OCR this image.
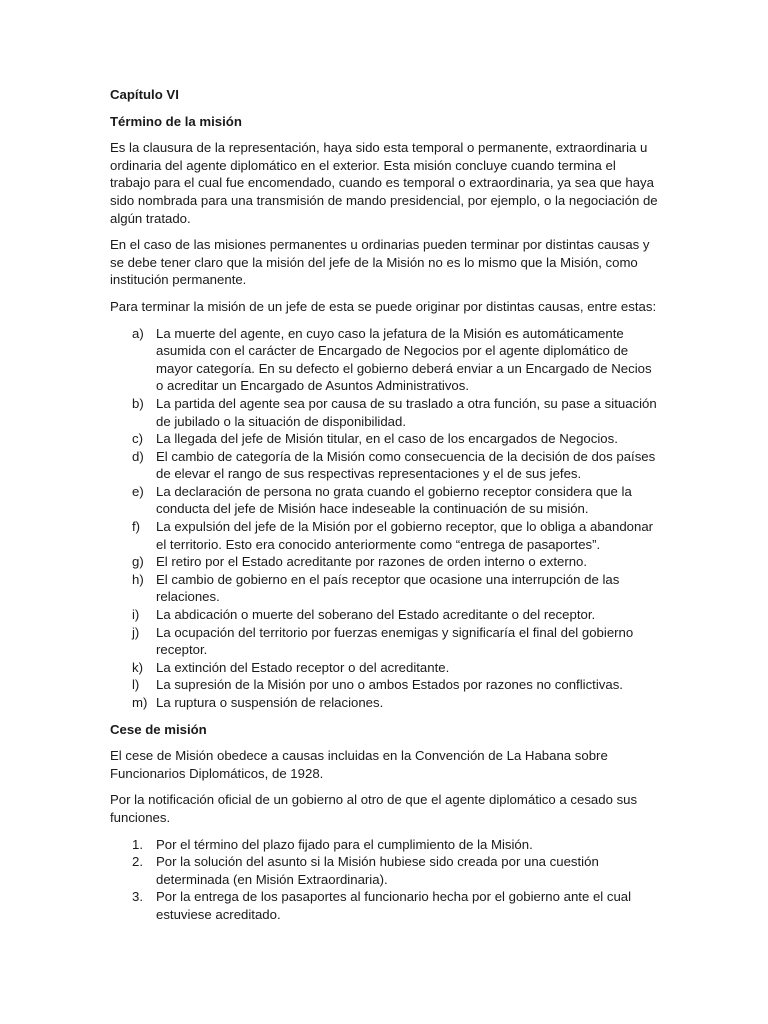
Capítulo VI

Término de la misión

Es la clausura de la representación, haya sido esta temporal o permanente, extraordinaria u ordinaria del agente diplomático en el exterior. Esta misión concluye cuando termina el trabajo para el cual fue encomendado, cuando es temporal o extraordinaria, ya sea que haya sido nombrada para una transmisión de mando presidencial, por ejemplo, o la negociación de algún tratado.

En el caso de las misiones permanentes u ordinarias pueden terminar por distintas causas y se debe tener claro que la misión del jefe de la Misión no es lo mismo que la Misión, como institución permanente.

Para terminar la misión de un jefe de esta se puede originar por distintas causas, entre estas:

a) La muerte del agente, en cuyo caso la jefatura de la Misión es automáticamente asumida con el carácter de Encargado de Negocios por el agente diplomático de mayor categoría. En su defecto el gobierno deberá enviar a un Encargado de Necios o acreditar un Encargado de Asuntos Administrativos.
b) La partida del agente sea por causa de su traslado a otra función, su pase a situación de jubilado o la situación de disponibilidad.
c) La llegada del jefe de Misión titular, en el caso de los encargados de Negocios.
d) El cambio de categoría de la Misión como consecuencia de la decisión de dos países de elevar el rango de sus respectivas representaciones y el de sus jefes.
e) La declaración de persona no grata cuando el gobierno receptor considera que la conducta del jefe de Misión hace indeseable la continuación de su misión.
f) La expulsión del jefe de la Misión por el gobierno receptor, que lo obliga a abandonar el territorio. Esto era conocido anteriormente como “entrega de pasaportes”.
g) El retiro por el Estado acreditante por razones de orden interno o externo.
h) El cambio de gobierno en el país receptor que ocasione una interrupción de las relaciones.
i) La abdicación o muerte del soberano del Estado acreditante o del receptor.
j) La ocupación del territorio por fuerzas enemigas y significaría el final del gobierno receptor.
k) La extinción del Estado receptor o del acreditante.
l) La supresión de la Misión por uno o ambos Estados por razones no conflictivas.
m) La ruptura o suspensión de relaciones.

Cese de misión

El cese de Misión obedece a causas incluidas en la Convención de La Habana sobre Funcionarios Diplomáticos, de 1928.

Por la notificación oficial de un gobierno al otro de que el agente diplomático a cesado sus funciones.

1. Por el término del plazo fijado para el cumplimiento de la Misión.
2. Por la solución del asunto si la Misión hubiese sido creada por una cuestión determinada (en Misión Extraordinaria).
3. Por la entrega de los pasaportes al funcionario hecha por el gobierno ante el cual estuviese acreditado.
